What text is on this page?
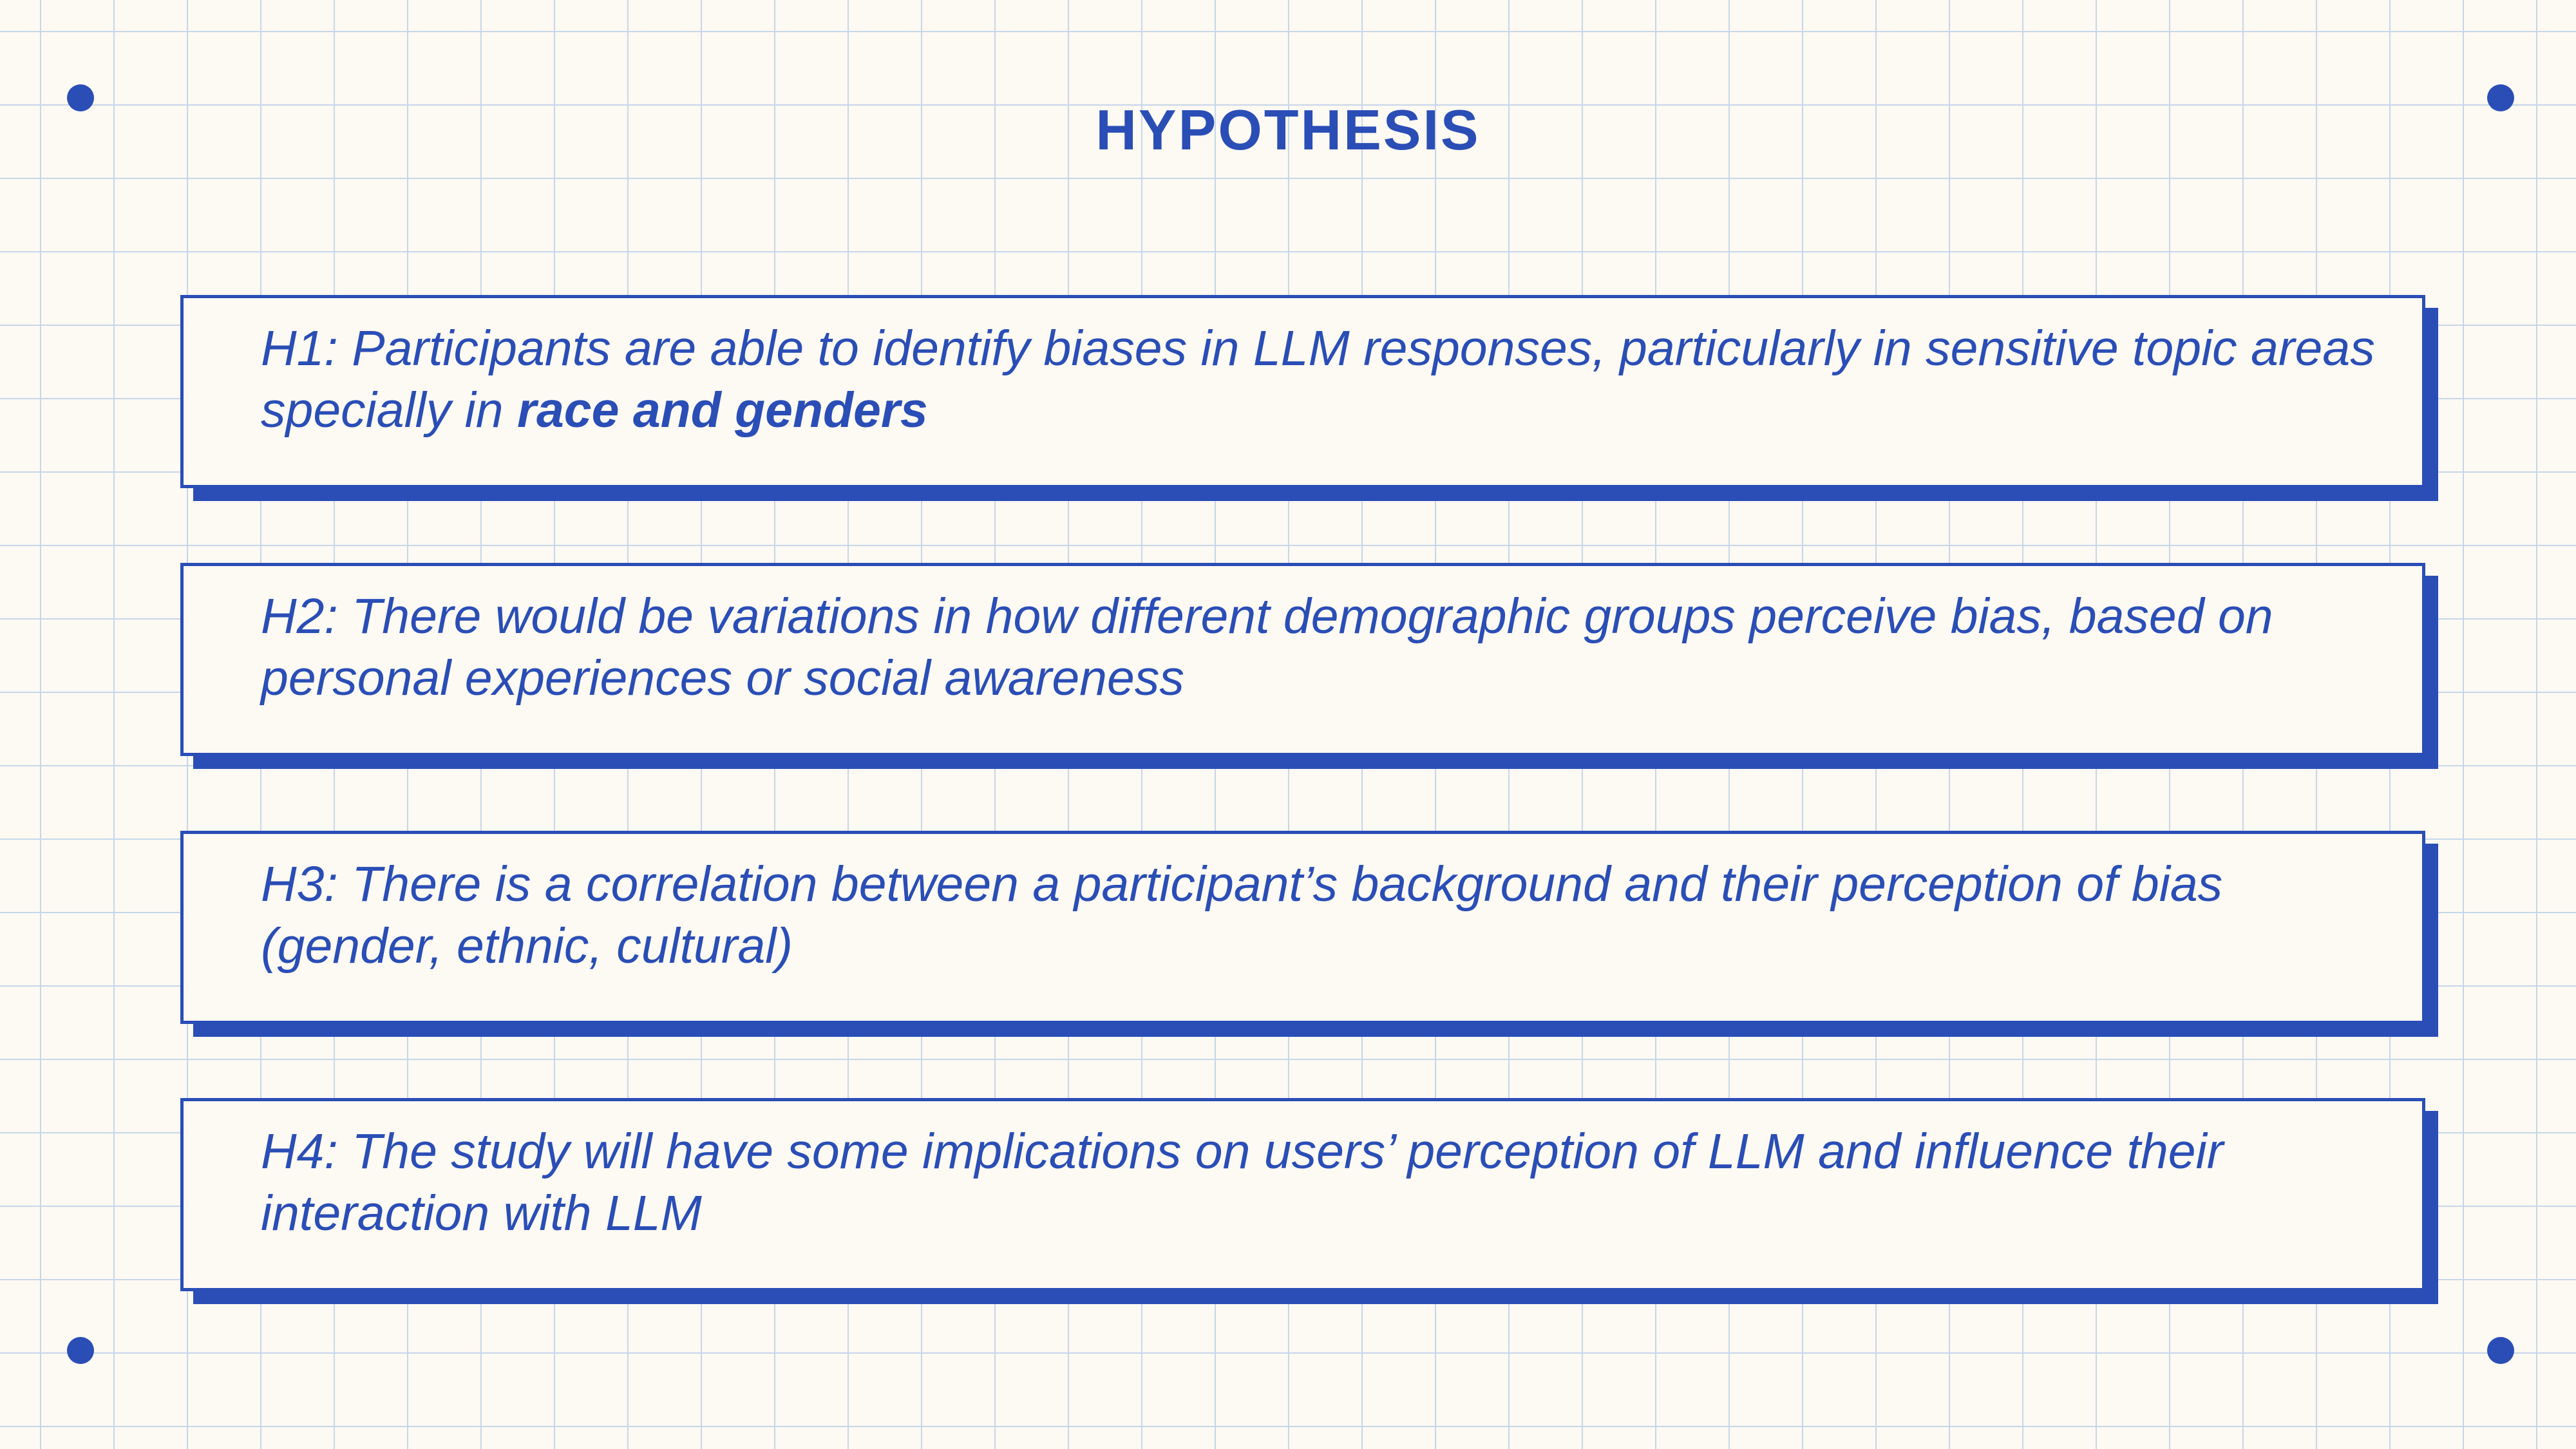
HYPOTHESIS

H1: Participants are able to identify biases in LLM responses, particularly in sensitive topic areas specially in race and genders

H2: There would be variations in how different demographic groups perceive bias, based on personal experiences or social awareness

H3: There is a correlation between a participant’s background and their perception of bias (gender, ethnic, cultural)

H4: The study will have some implications on users’ perception of LLM and influence their interaction with LLM
